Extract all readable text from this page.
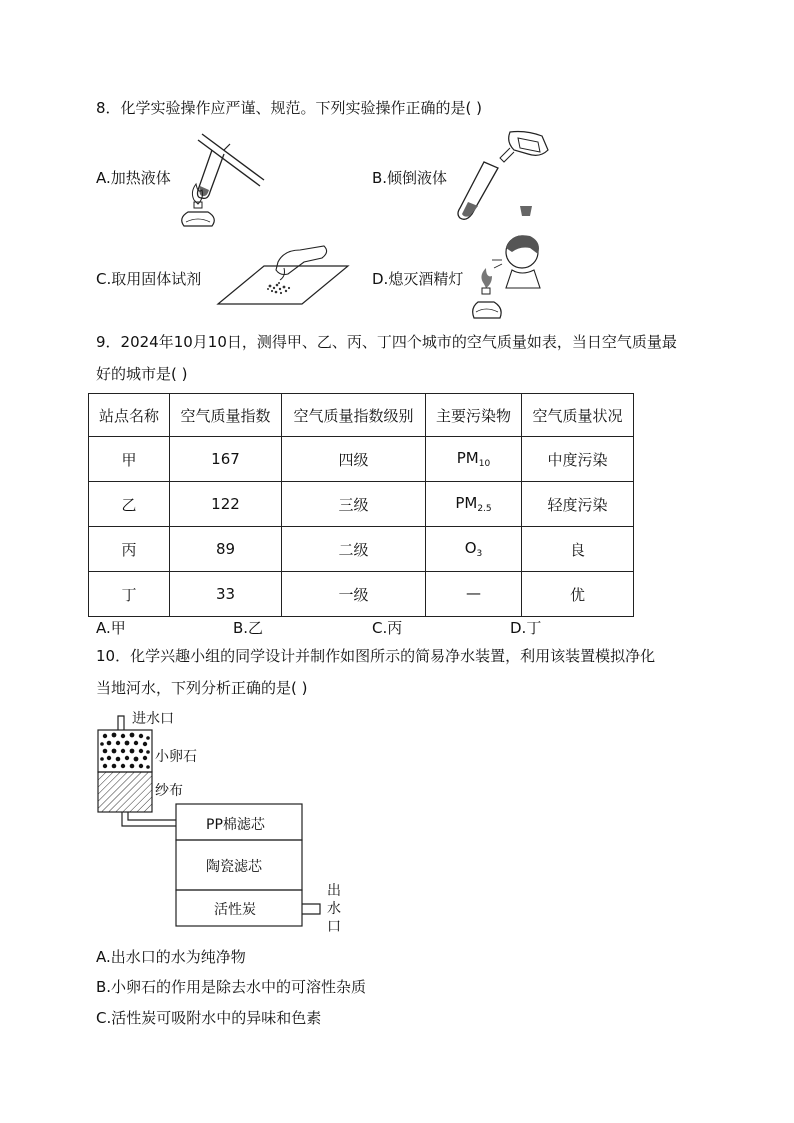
8．化学实验操作应严谨、规范。下列实验操作正确的是( )
A.加热液体	B.倾倒液体
C.取用固体试剂	D.熄灭酒精灯
9．2024年10月10日，测得甲、乙、丙、丁四个城市的空气质量如表，当日空气质量最
好的城市是( )
站点名称	空气质量指数	空气质量指数级别	主要污染物	空气质量状况
甲	167	四级	$PM_{10}$	中度污染
乙	122	三级	$PM_{2.5}$	轻度污染
丙	89	二级	$O_3$	良
丁	33	一级	—	优
A.甲	B.乙	C.丙	D.丁
10．化学兴趣小组的同学设计并制作如图所示的简易净水装置，利用该装置模拟净化
当地河水，下列分析正确的是( )
进水口
小卵石
纱布
PP棉滤芯
陶瓷滤芯
活性炭
出
水
口
A.出水口的水为纯净物
B.小卵石的作用是除去水中的可溶性杂质
C.活性炭可吸附水中的异味和色素
